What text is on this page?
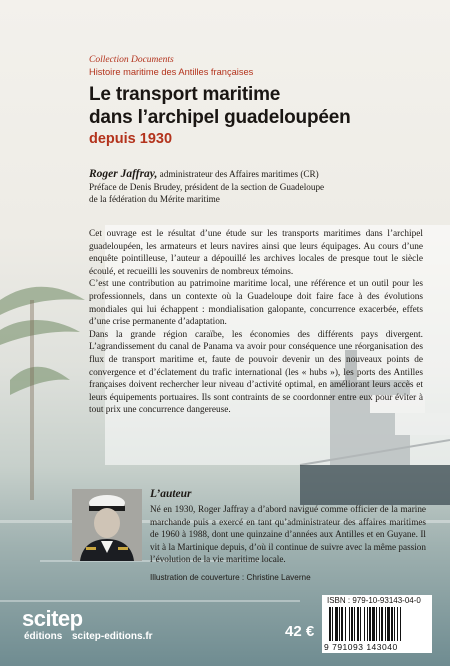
Collection Documents
Histoire maritime des Antilles françaises
Le transport maritime
dans l’archipel guadeloupéen
depuis 1930
Roger Jaffray, administrateur des Affaires maritimes (CR)
Préface de Denis Brudey, président de la section de Guadeloupe
de la fédération du Mérite maritime

Cet ouvrage est le résultat d’une étude sur les transports maritimes dans l’archipel guadeloupéen, les armateurs et leurs navires ainsi que leurs équipages. Au cours d’une enquête pointilleuse, l’auteur a dépouillé les archives locales de presque tout le siècle écoulé, et recueilli les souvenirs de nombreux témoins.

C’est une contribution au patrimoine maritime local, une référence et un outil pour les professionnels, dans un contexte où la Guadeloupe doit faire face à des évolutions mondiales qui lui échappent : mondialisation galopante, concurrence exacerbée, effets d’une crise permanente d’adaptation.

Dans la grande région caraïbe, les économies des différents pays divergent. L’agrandissement du canal de Panama va avoir pour conséquence une réorganisation des flux de transport maritime et, faute de pouvoir devenir un des nouveaux points de convergence et d’éclatement du trafic international (les « hubs »), les ports des Antilles françaises doivent rechercher leur niveau d’activité optimal, en améliorant leurs accès et leurs équipements portuaires. Ils sont contraints de se coordonner entre eux pour éviter à tout prix une concurrence dangereuse.

L’auteur
Né en 1930, Roger Jaffray a d’abord navigué comme officier de la marine marchande puis a exercé en tant qu’administrateur des affaires maritimes de 1960 à 1988, dont une quinzaine d’années aux Antilles et en Guyane. Il vit à la Martinique depuis, d’où il continue de suivre avec la même passion l’évolution de la vie maritime locale.
Illustration de couverture : Christine Laverne
ISBN : 979-10-93143-04-0
9 791093 143040
42 €
scitep
éditions scitep-editions.fr
